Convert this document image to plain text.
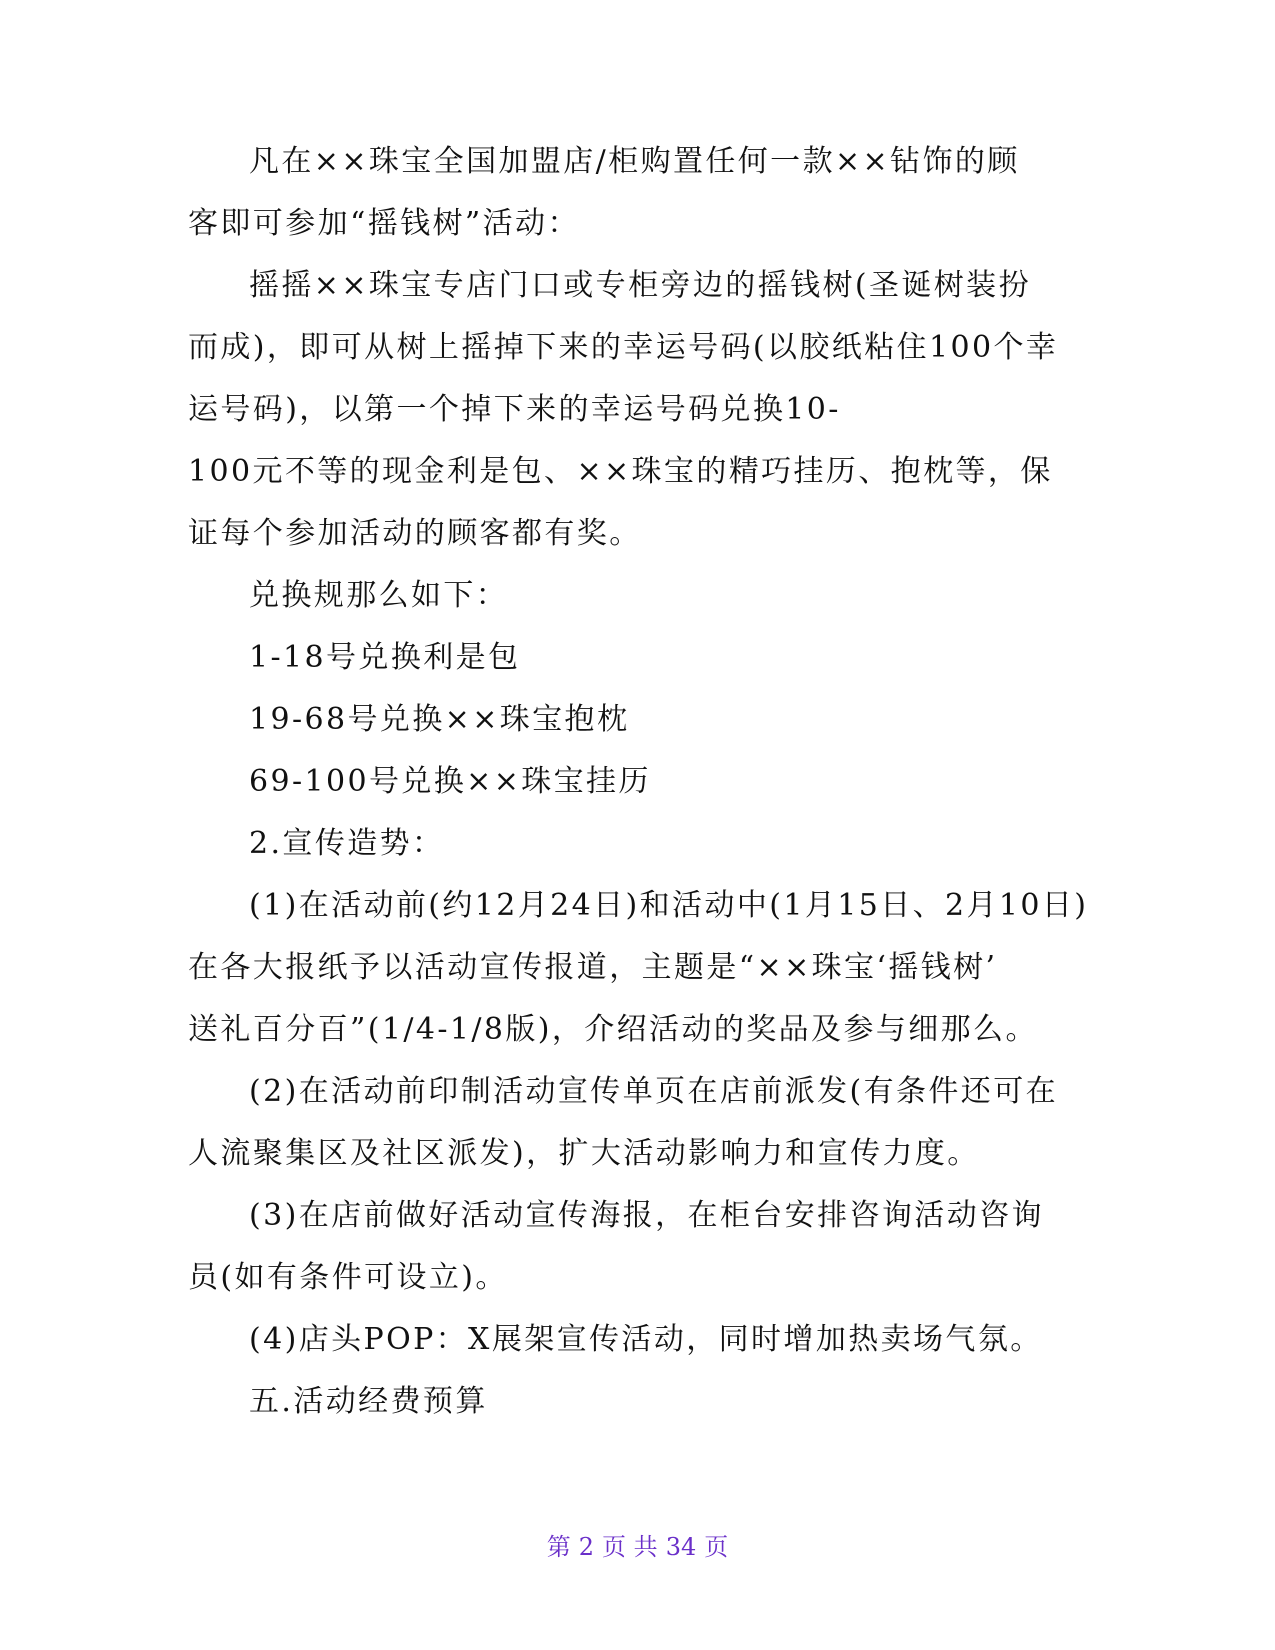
凡在××珠宝全国加盟店/柜购置任何一款××钻饰的顾
客即可参加“摇钱树”活动：
摇摇××珠宝专店门口或专柜旁边的摇钱树(圣诞树装扮
而成)，即可从树上摇掉下来的幸运号码(以胶纸粘住100个幸
运号码)，以第一个掉下来的幸运号码兑换10-
100元不等的现金利是包、××珠宝的精巧挂历、抱枕等，保
证每个参加活动的顾客都有奖。
兑换规那么如下：
1-18号兑换利是包
19-68号兑换××珠宝抱枕
69-100号兑换××珠宝挂历
2.宣传造势：
(1)在活动前(约12月24日)和活动中(1月15日、2月10日)
在各大报纸予以活动宣传报道，主题是“××珠宝‘摇钱树’
送礼百分百”(1/4-1/8版)，介绍活动的奖品及参与细那么。
(2)在活动前印制活动宣传单页在店前派发(有条件还可在
人流聚集区及社区派发)，扩大活动影响力和宣传力度。
(3)在店前做好活动宣传海报，在柜台安排咨询活动咨询
员(如有条件可设立)。
(4)店头POP：X展架宣传活动，同时增加热卖场气氛。
五.活动经费预算
第 2 页 共 34 页
